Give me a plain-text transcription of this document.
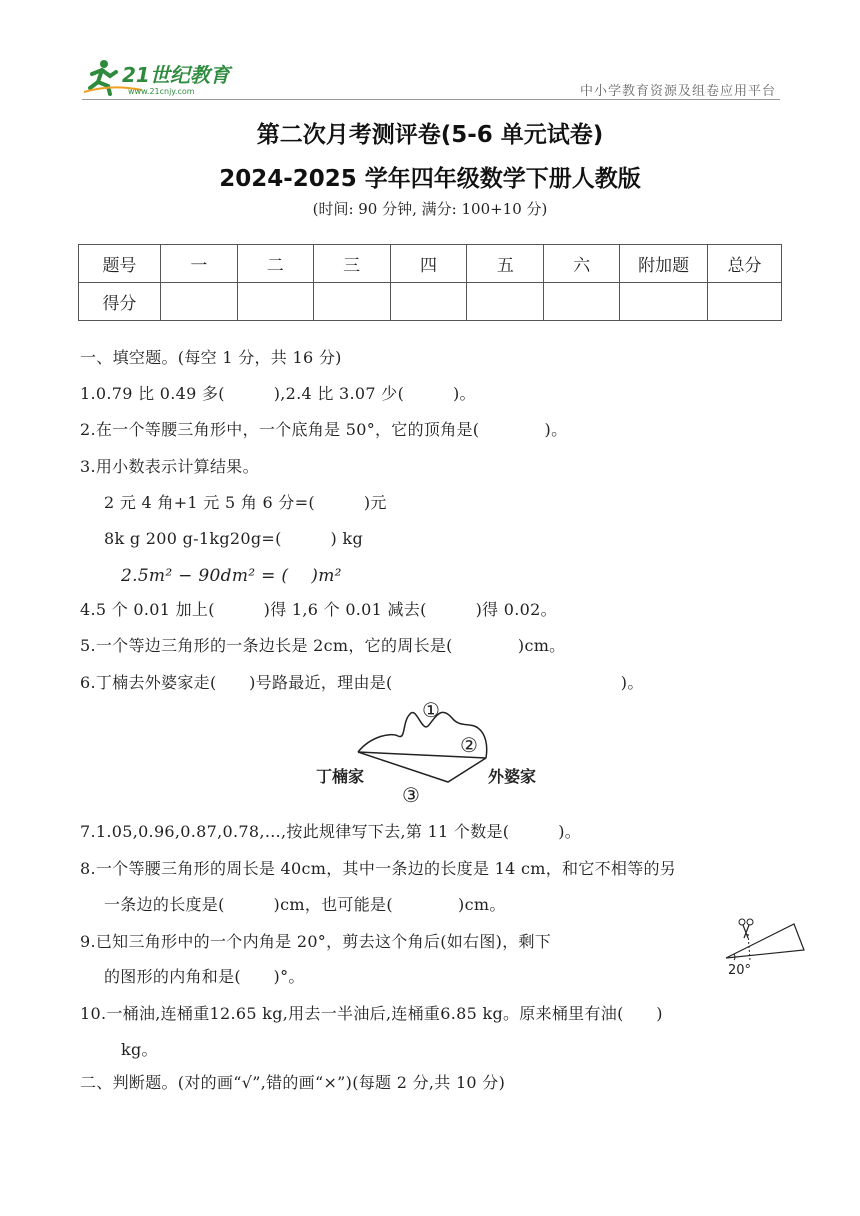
21世纪教育
www.21cnjy.com	中小学教育资源及组卷应用平台
第二次月考测评卷(5-6 单元试卷)
2024-2025 学年四年级数学下册人教版
(时间: 90 分钟, 满分: 100+10 分)
题号	一	二	三	四	五	六	附加题	总分
得分								
一、填空题。(每空 1 分，共 16 分)
1.0.79 比 0.49 多(　　　),2.4 比 3.07 少(　　　)。
2.在一个等腰三角形中，一个底角是 50°，它的顶角是(　　　　)。
3.用小数表示计算结果。
2 元 4 角+1 元 5 角 6 分=(　　　)元
8k g 200 g-1kg20g=(　　　) kg
2.5m² − 90dm² = (　 )m²
4.5 个 0.01 加上(　　　)得 1,6 个 0.01 减去(　　　)得 0.02。
5.一个等边三角形的一条边长是 2cm，它的周长是(　　　　)cm。
6.丁楠去外婆家走(　　)号路最近，理由是(　　　　　　　　　　　　　　)。
①
②
③
丁楠家	外婆家
7.1.05,0.96,0.87,0.78,…,按此规律写下去,第 11 个数是(　　　)。
8.一个等腰三角形的周长是 40cm，其中一条边的长度是 14 cm，和它不相等的另
一条边的长度是(　　　)cm，也可能是(　　　　)cm。
9.已知三角形中的一个内角是 20°，剪去这个角后(如右图)，剩下
的图形的内角和是(　　)°。	20°
10.一桶油,连桶重12.65 kg,用去一半油后,连桶重6.85 kg。原来桶里有油(　　)
kg。
二、判断题。(对的画“√”,错的画“×”)(每题 2 分,共 10 分)
